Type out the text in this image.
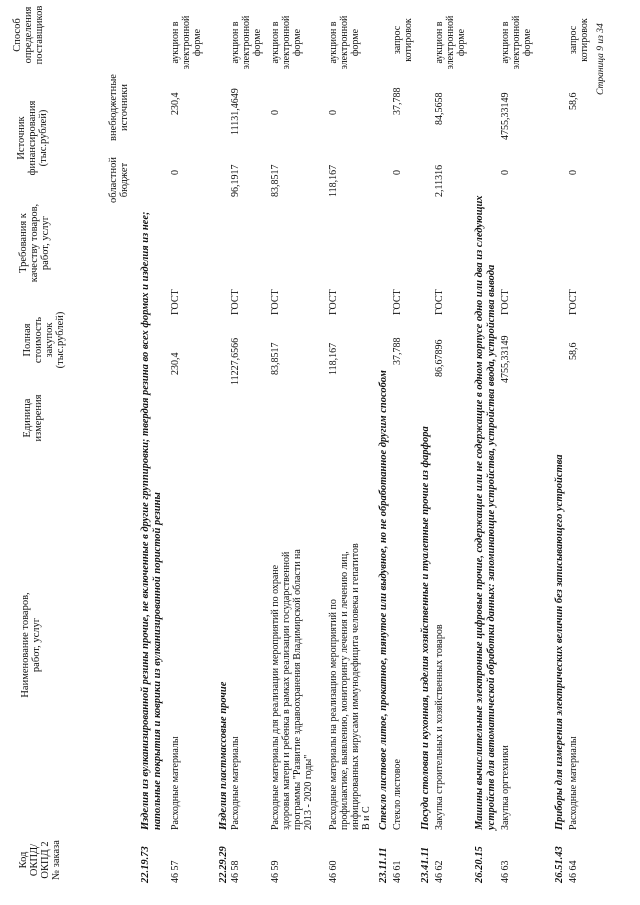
Код ОКПД/ ОКПД 2 № заказа
Наименование товаров, работ, услуг
Единица измерения
Полная стоимость закупок (тыс.рублей)
Требования к качеству товаров, работ, услуг
Источник финансирования (тыс.рублей)
областной бюджет
внебюджетные источники
Способ определения поставщиков
22.19.73
Изделия из вулканизированной резины прочие, не включенные в другие группировки; твердая резина во всех формах и изделия из нее; напольные покрытия и коврики из вулканизированной пористой резины
46 57
Расходные материалы
230,4
ГОСТ
0
230,4
аукцион в электронной форме
22.29.29
Изделия пластмассовые прочие
46 58
Расходные материалы
11227,6566
ГОСТ
96,1917
11131,4649
аукцион в электронной форме
46 59
Расходные материалы для реализации мероприятий по охране здоровья матери и ребенка в рамках реализации государственной программы "Развитие здравоохранения Владимирской области на 2013 - 2020 годы"
83,8517
ГОСТ
83,8517
0
аукцион в электронной форме
46 60
Расходные материалы на реализацию мероприятий по профилактике, выявлению, мониторингу лечения и лечению лиц, инфицированных вирусами иммунодефицита человека и гепатитов В и С
118,167
ГОСТ
118,167
0
аукцион в электронной форме
23.11.11
Стекло листовое литое, прокатное, тянутое или выдувное, но не обработанное другим способом
46 61
Стекло листовое
37,788
ГОСТ
0
37,788
запрос котировок
23.41.11
Посуда столовая и кухонная, изделия хозяйственные и туалетные прочие из фарфора
46 62
Закупка строительных и хозяйственных товаров
86,67896
ГОСТ
2,11316
84,5658
аукцион в электронной форме
26.20.15
Машины вычислительные электронные цифровые прочие, содержащие или не содержащие в одном корпусе одно или два из следующих устройств для автоматической обработки данных: запоминающие устройства, устройства ввода, устройства вывода
46 63
Закупка оргтехники
4755,33149
ГОСТ
0
4755,33149
аукцион в электронной форме
26.51.43
Приборы для измерения электрических величин без записывающего устройства
46 64
Расходные материалы
58,6
ГОСТ
0
58,6
запрос котировок Страница 9 из 34
